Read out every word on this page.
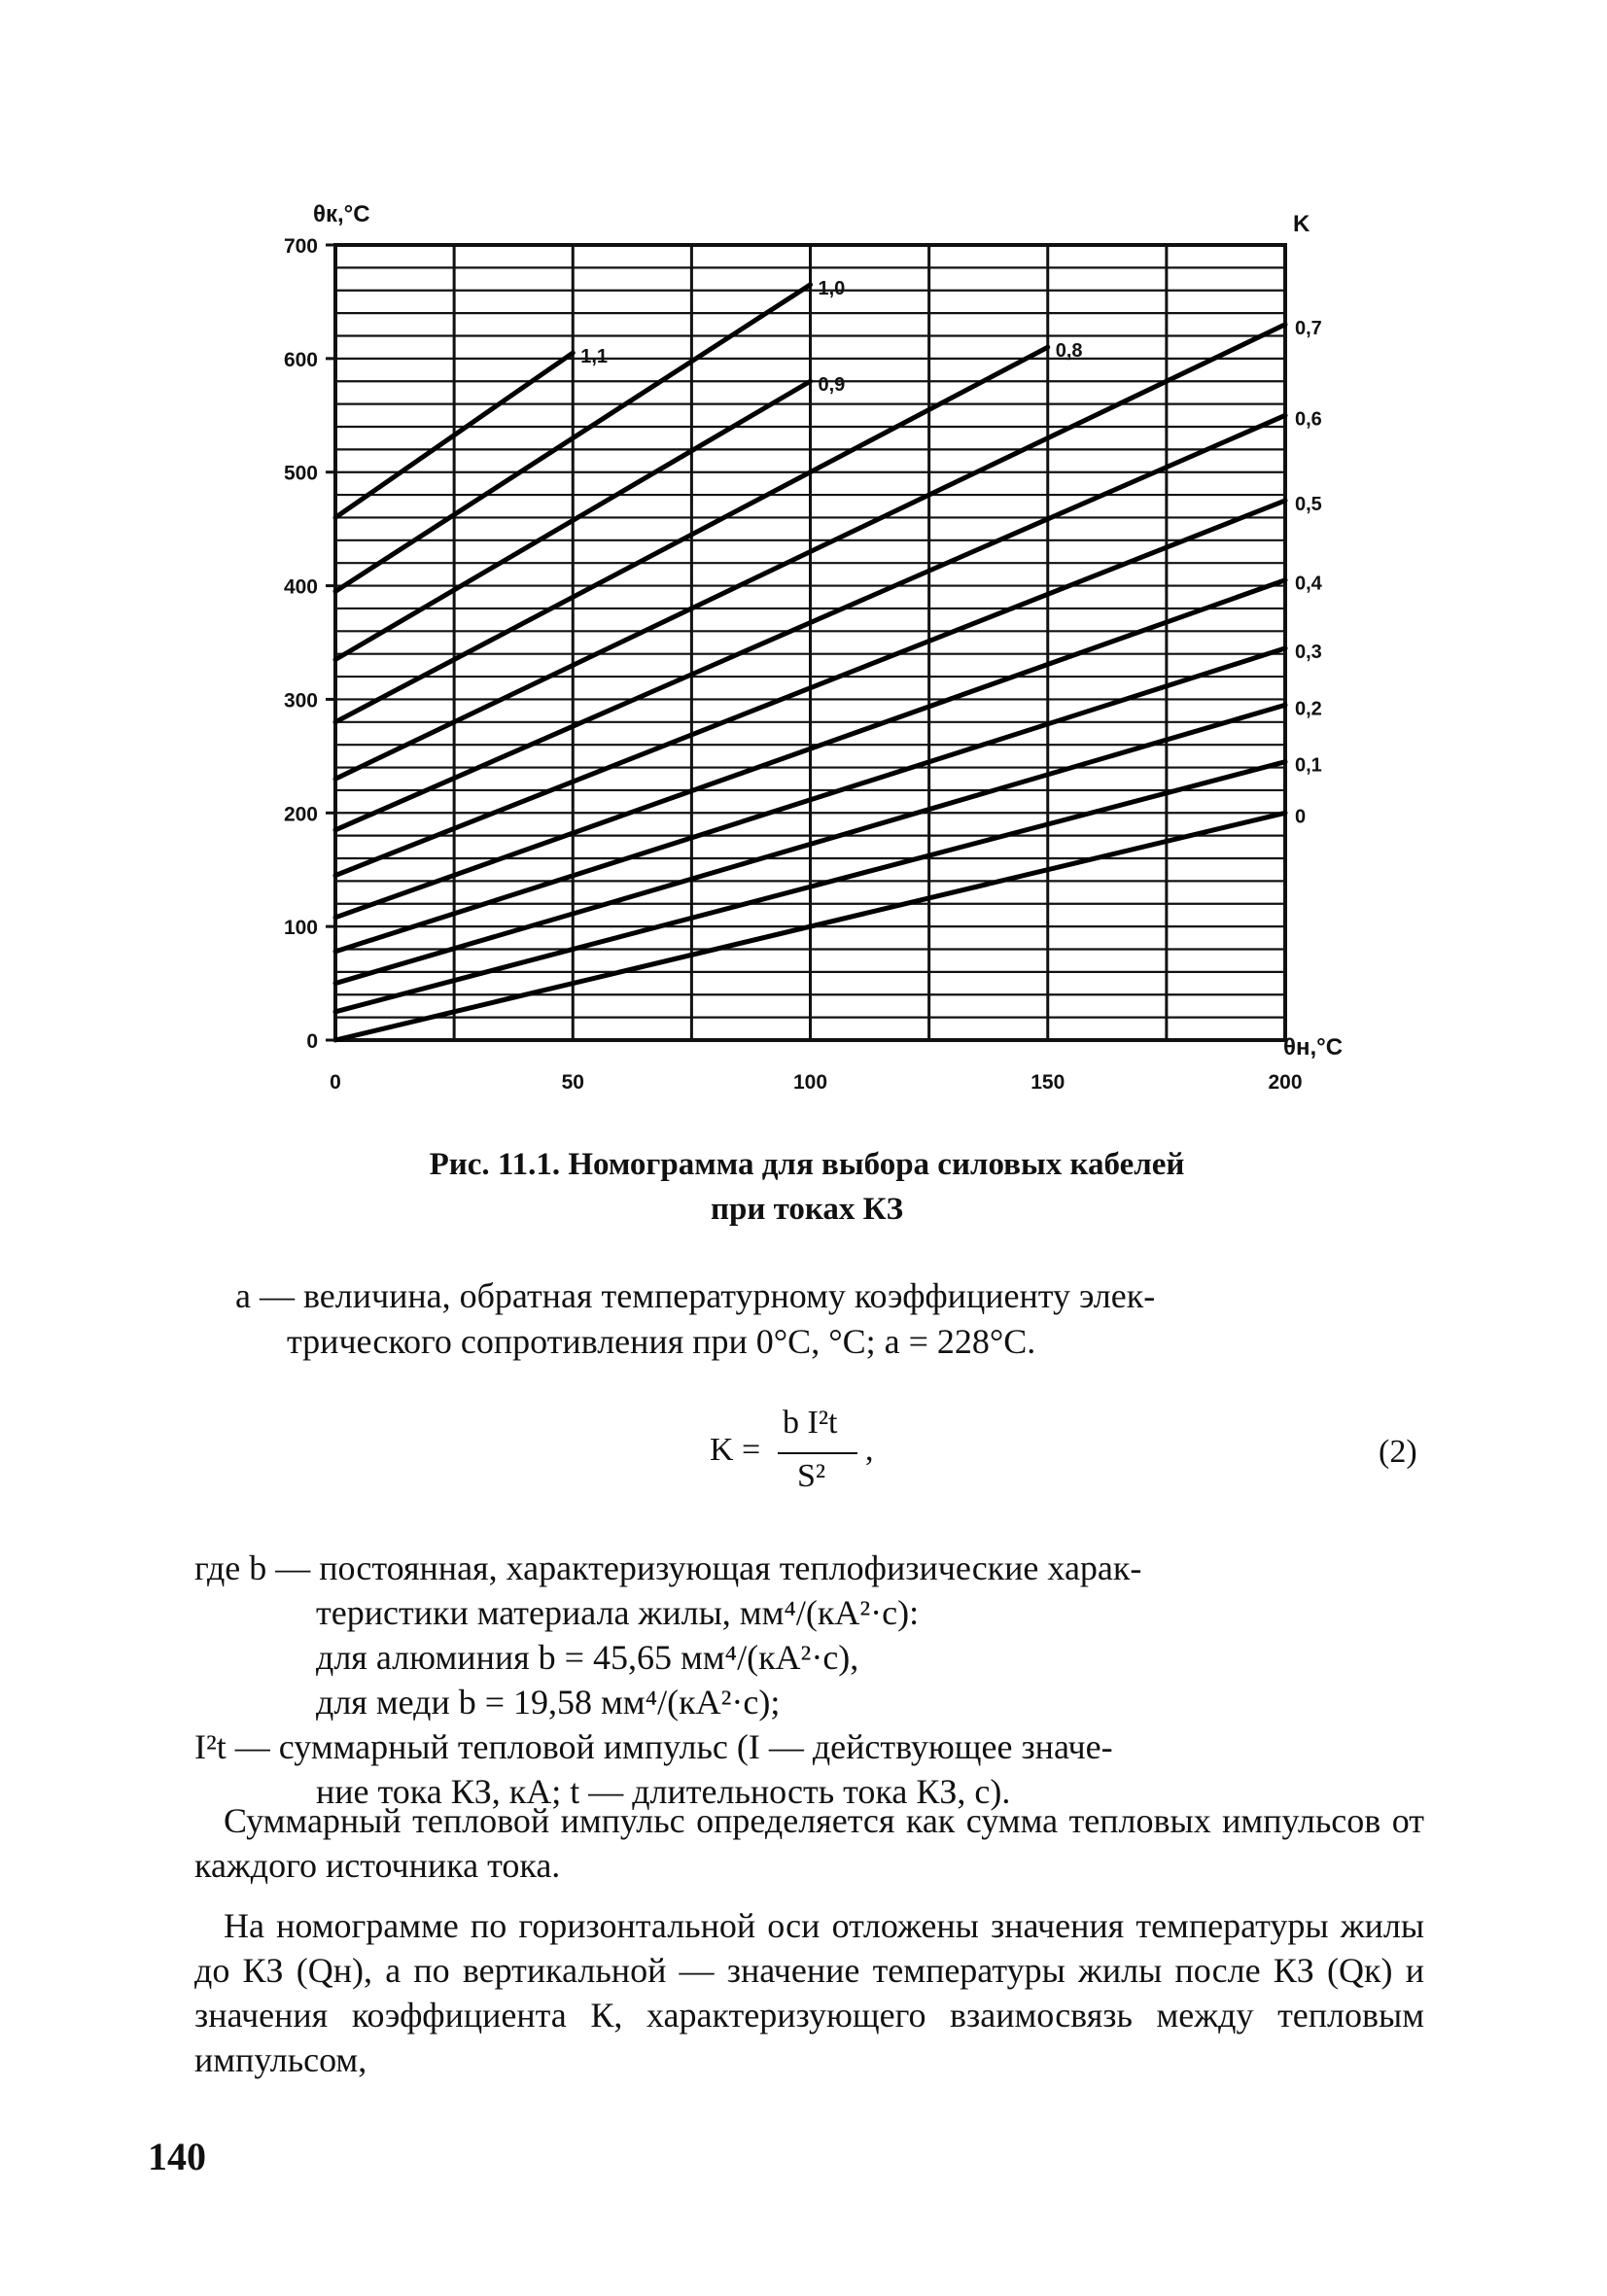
0
100
200
300
400
500
600
700
0	50	100	150	200
0,7
0,6
0,5
0,4
0,3
0,2
0,1
0
1,1
1,0
0,9
0,8
θк,°C	K
θн,°C
Рис. 11.1. Номограмма для выбора силовых кабелей
при токах КЗ
а — величина, обратная температурному коэффициенту элек-
трического сопротивления при 0°С, °С; а = 228°С.
K =
b I²t
S²
,	(2)
где b — постоянная, характеризующая теплофизические харак-
теристики материала жилы, мм⁴/(кА²·с):
для алюминия b = 45,65 мм⁴/(кА²·с),
для меди b = 19,58 мм⁴/(кА²·с);
I²t — суммарный тепловой импульс (I — действующее значе-
ние тока КЗ, кА; t — длительность тока КЗ, с).
Суммарный тепловой импульс определяется как сумма тепловых импульсов от каждого источника тока.
На номограмме по горизонтальной оси отложены значения температуры жилы до КЗ (Qн), а по вертикальной — значение температуры жилы после КЗ (Qк) и значения коэффициента К, характеризующего взаимосвязь между тепловым импульсом,
140
